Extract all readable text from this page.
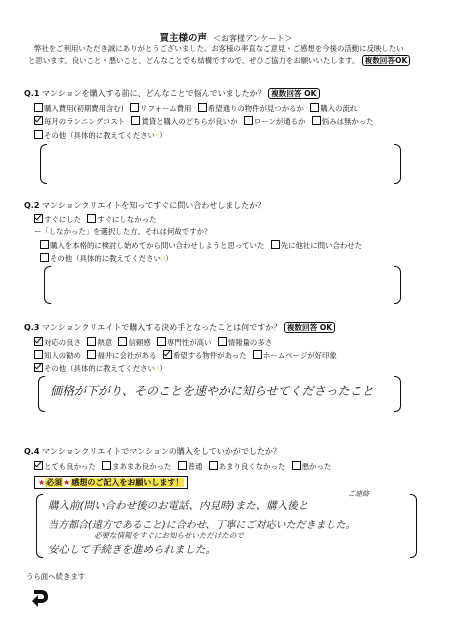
買主様の声 ＜お客様アンケート＞
弊社をご利用いただき誠にありがとうございました。お客様の率直なご意見・ご感想を今後の活動に反映したい
と思います。良いこと・悪いこと、どんなことでも結構ですので、ぜひご協力をお願いいたします。 複数回答OK
Q.1 マンションを購入する前に、どんなことで悩んでいましたか？ 複数回答 OK
購入費用(初期費用含む) リフォーム費用 希望通りの物件が見つかるか 購入の流れ
毎月のランニングコスト 賃貸と購入のどちらが良いか ローンが通るか 悩みは無かった
その他（具体的に教えてください☝）
Q.2 マンションクリエイトを知ってすぐに問い合わせしましたか？
すぐにした すぐにしなかった
ー「しなかった」を選択した方、それは何故ですか？
購入を本格的に検討し始めてから問い合わせしようと思っていた 先に他社に問い合わせた
その他（具体的に教えてください☝）
Q.3 マンションクリエイトで購入する決め手となったことは何ですか？ 複数回答 OK
対応の良さ 熱意 信頼感 専門性が高い 情報量の多さ
知人の勧め 福井に会社がある 希望する物件があった ホームページが好印象
その他（具体的に教えてください☝）
価格が下がり、そのことを速やかに知らせてくださったこと
Q.4 マンションクリエイトでマンションの購入をしていかがでしたか？
とても良かった まあまあ良かった 普通 あまり良くなかった 悪かった
★必須★感想のご記入をお願いします！
ご連絡
購入前(問い合わせ後のお電話、内見時)また、購入後と
当方都合(遠方であること)に合わせ、丁寧にご対応いただきました。
必要な情報をすぐにお知らせいただけたので
安心して手続きを進められました。
うら面へ続きます
